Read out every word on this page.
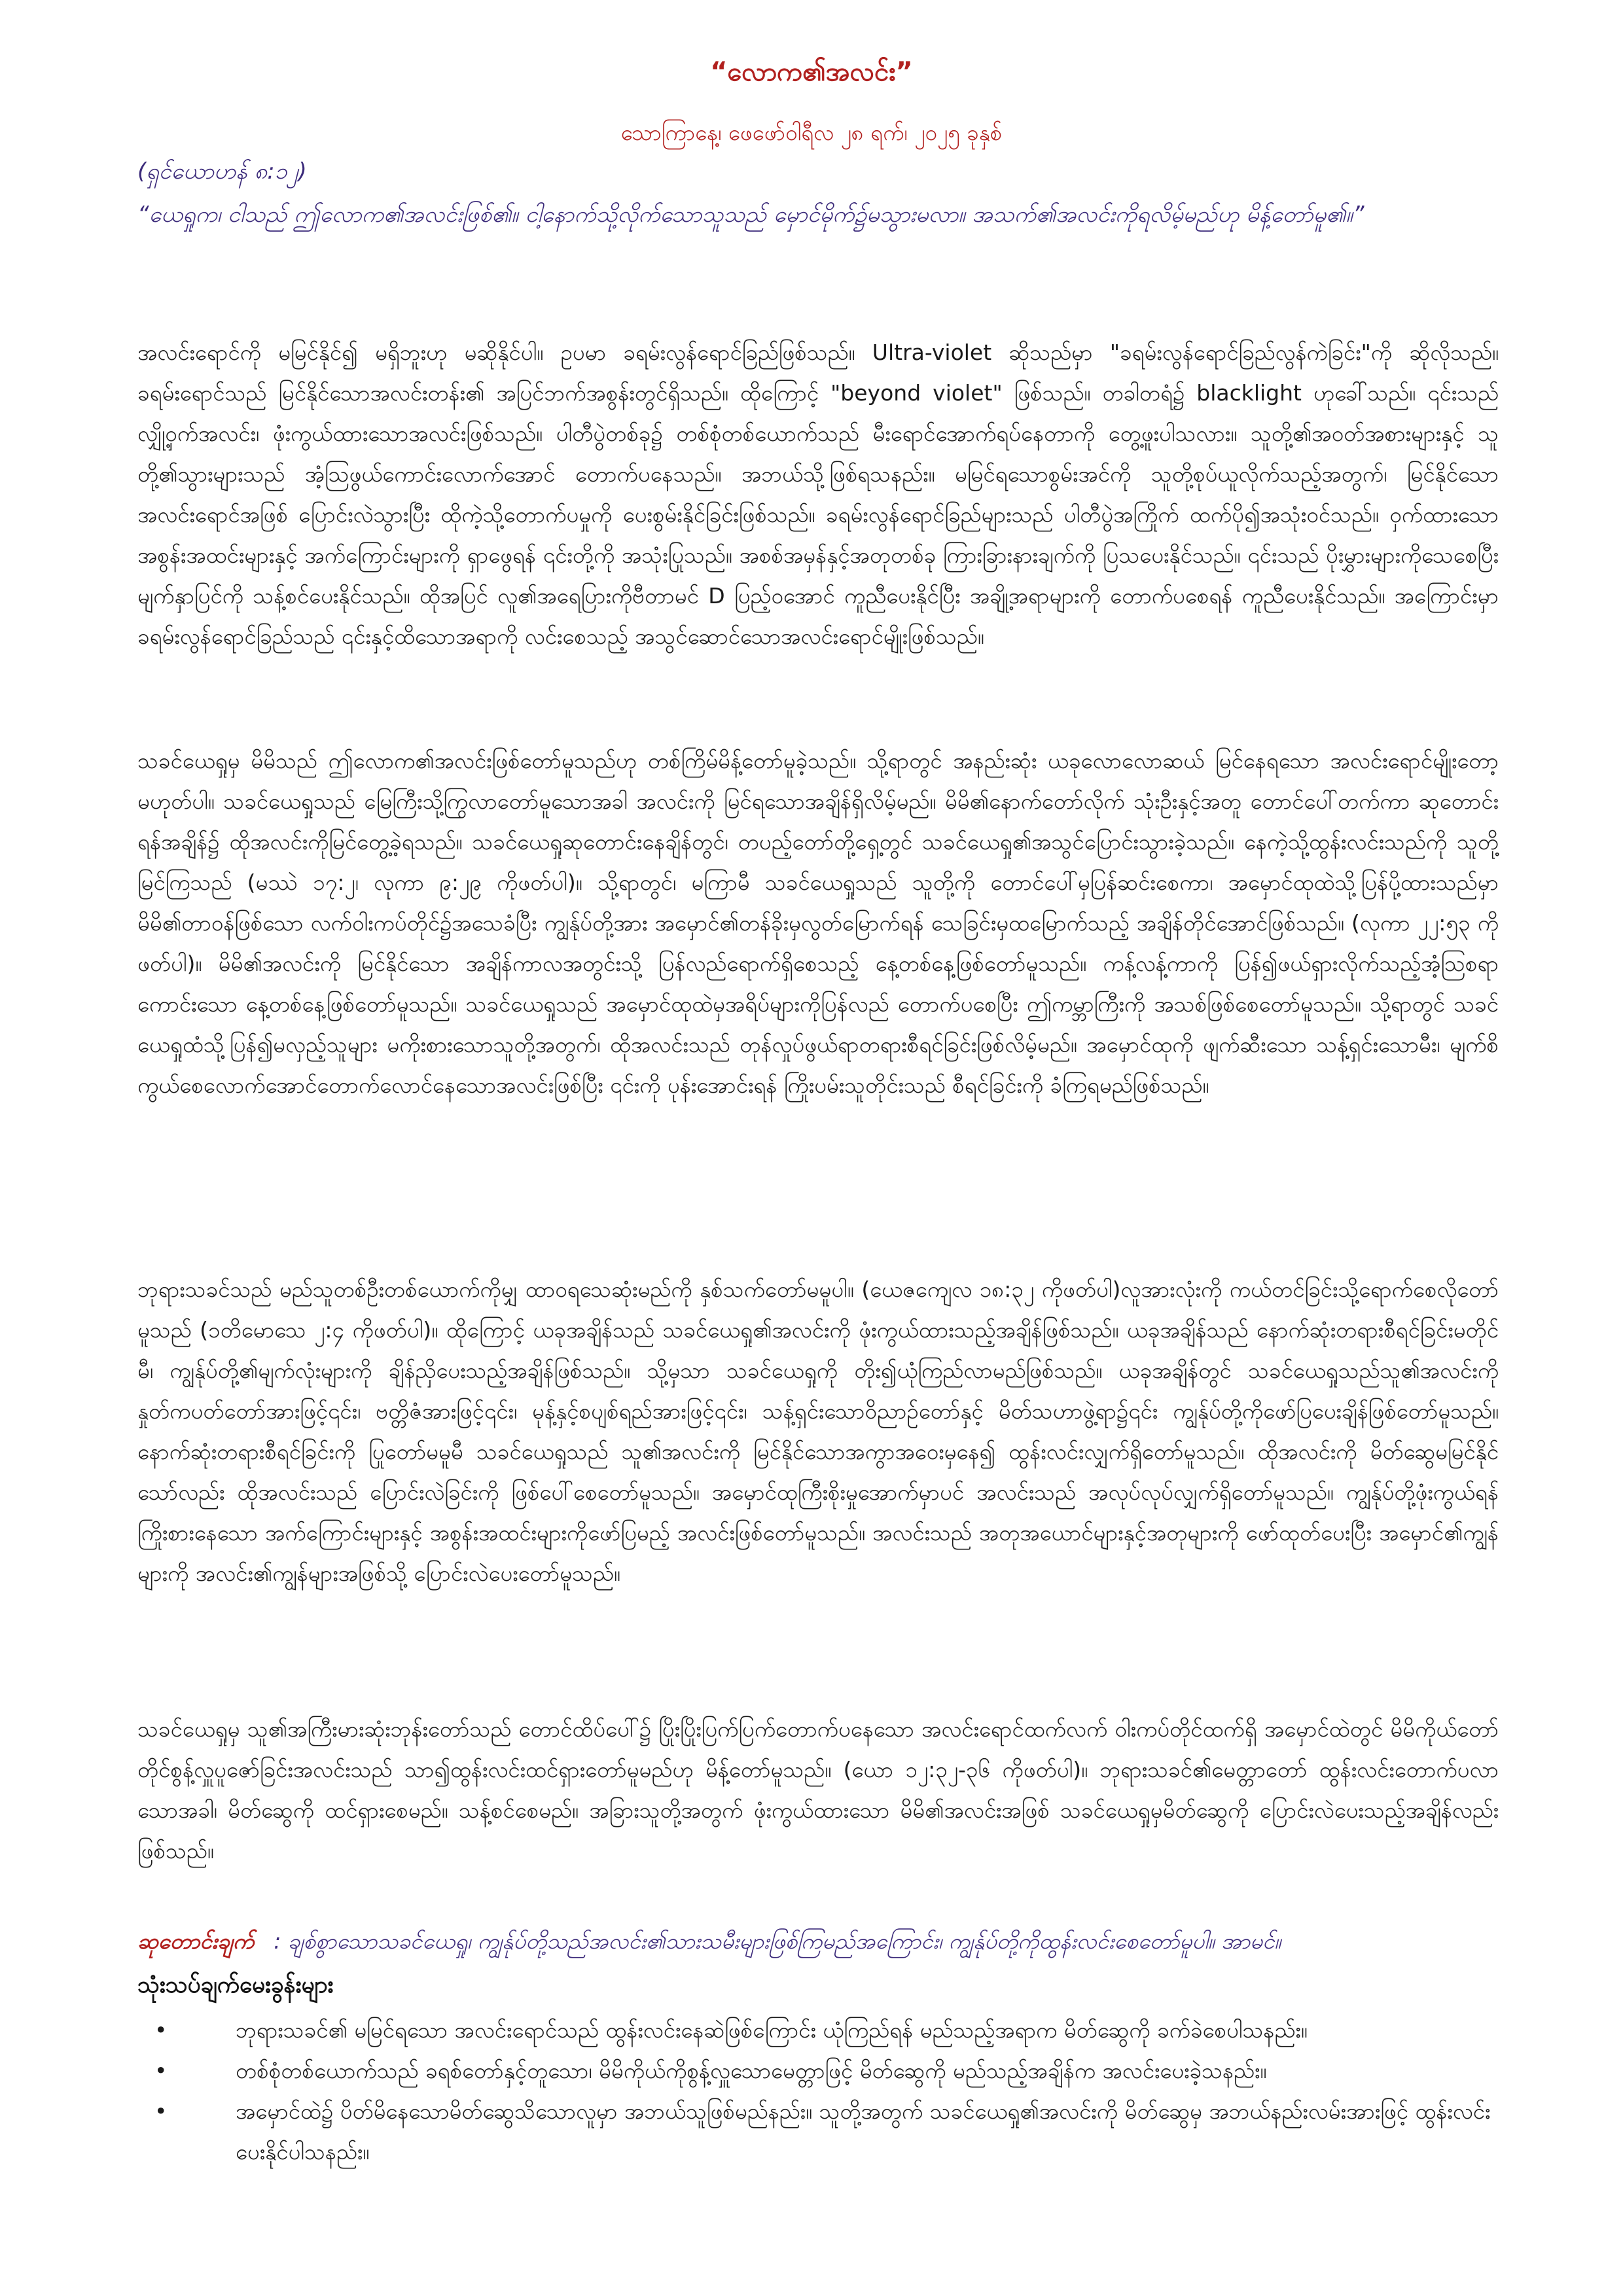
“လောက၏အလင်း”
သောကြာနေ့၊ ဖေဖော်ဝါရီလ ၂၈ ရက်၊ ၂၀၂၅ ခုနှစ်
(ရှင်ယောဟန် ၈:၁၂)
“ယေရှုက၊ ငါသည် ဤလောက၏အလင်းဖြစ်၏။ ငါ့နောက်သို့လိုက်သောသူသည် မှောင်မိုက်၌မသွားမလာ။ အသက်၏အလင်းကိုရလိမ့်မည်ဟု မိန့်တော်မူ၏။”
အလင်းရောင်ကို မမြင်နိုင်၍ မရှိဘူးဟု မဆိုနိုင်ပါ။ ဥပမာ ခရမ်းလွန်ရောင်ခြည်ဖြစ်သည်။ Ultra-violet ဆိုသည်မှာ "ခရမ်းလွန်ရောင်ခြည်လွန်ကဲခြင်း"ကို ဆိုလိုသည်။ ခရမ်းရောင်သည် မြင်နိုင်သောအလင်းတန်း၏ အပြင်ဘက်အစွန်းတွင်ရှိသည်။ ထိုကြောင့် "beyond violet" ဖြစ်သည်။ တခါတရံ၌ blacklight ဟုခေါ်သည်။ ၎င်းသည် လျှို့ဝှက်အလင်း၊ ဖုံးကွယ်ထားသောအလင်းဖြစ်သည်။ ပါတီပွဲတစ်ခု၌ တစ်စုံတစ်ယောက်သည် မီးရောင်အောက်ရပ်နေတာကို တွေ့ဖူးပါသလား။ သူတို့၏အဝတ်အစားများနှင့် သူတို့၏သွားများသည် အံ့သြဖွယ်ကောင်းလောက်အောင် တောက်ပနေသည်။ အဘယ်သို့ဖြစ်ရသနည်း။ မမြင်ရသောစွမ်းအင်ကို သူတို့စုပ်ယူလိုက်သည့်အတွက်၊ မြင်နိုင်သောအလင်းရောင်အဖြစ် ပြောင်းလဲသွားပြီး ထိုကဲ့သို့တောက်ပမှုကို ပေးစွမ်းနိုင်ခြင်းဖြစ်သည်။ ခရမ်းလွန်ရောင်ခြည်များသည် ပါတီပွဲအကြိုက် ထက်ပို၍အသုံးဝင်သည်။ ဝှက်ထားသောအစွန်းအထင်းများနှင့် အက်ကြောင်းများကို ရှာဖွေရန် ၎င်းတို့ကို အသုံးပြုသည်။ အစစ်အမှန်နှင့်အတုတစ်ခု ကြားခြားနားချက်ကို ပြသပေးနိုင်သည်။ ၎င်းသည် ပိုးမွှားများကိုသေစေပြီး မျက်နှာပြင်ကို သန့်စင်ပေးနိုင်သည်။ ထိုအပြင် လူ၏အရေပြားကိုဗီတာမင် D ပြည့်ဝအောင် ကူညီပေးနိုင်ပြီး အချို့အရာများကို တောက်ပစေရန် ကူညီပေးနိုင်သည်။ အကြောင်းမှာ ခရမ်းလွန်ရောင်ခြည်သည် ၎င်းနှင့်ထိသောအရာကို လင်းစေသည့် အသွင်ဆောင်သောအလင်းရောင်မျိုးဖြစ်သည်။
သခင်ယေရှုမှ မိမိသည် ဤလောက၏အလင်းဖြစ်တော်မူသည်ဟု တစ်ကြိမ်မိန့်တော်မူခဲ့သည်။ သို့ရာတွင် အနည်းဆုံး ယခုလောလောဆယ် မြင်နေရသော အလင်းရောင်မျိုးတော့ မဟုတ်ပါ။ သခင်ယေရှုသည် မြေကြီးသို့ကြွလာတော်မူသောအခါ အလင်းကို မြင်ရသောအချိန်ရှိလိမ့်မည်။ မိမိ၏နောက်တော်လိုက် သုံးဦးနှင့်အတူ တောင်ပေါ်တက်ကာ ဆုတောင်းရန်အချိန်၌ ထိုအလင်းကိုမြင်တွေ့ခဲ့ရသည်။ သခင်ယေရှုဆုတောင်းနေချိန်တွင်၊ တပည့်တော်တို့ရှေ့တွင် သခင်ယေရှု၏အသွင်ပြောင်းသွားခဲ့သည်။ နေကဲ့သို့ထွန်းလင်းသည်ကို သူတို့မြင်ကြသည် (မဿဲ ၁၇:၂၊ လုကာ ၉:၂၉ ကိုဖတ်ပါ)။ သို့ရာတွင်၊ မကြာမီ သခင်ယေရှုသည် သူတို့ကို တောင်ပေါ်မှပြန်ဆင်းစေကာ၊ အမှောင်ထုထဲသို့ပြန်ပို့ထားသည်မှာ မိမိ၏တာဝန်ဖြစ်သော လက်ဝါးကပ်တိုင်၌အသေခံပြီး ကျွန်ုပ်တို့အား အမှောင်၏တန်ခိုးမှလွတ်မြောက်ရန် သေခြင်းမှထမြောက်သည့် အချိန်တိုင်အောင်ဖြစ်သည်။ (လုကာ ၂၂:၅၃ ကိုဖတ်ပါ)။ မိမိ၏အလင်းကို မြင်နိုင်သော အချိန်ကာလအတွင်းသို့ ပြန်လည်ရောက်ရှိစေသည့် နေ့တစ်နေ့ဖြစ်တော်မူသည်။ ကန့်လန့်ကာကို ပြန်၍ဖယ်ရှားလိုက်သည့်အံ့သြစရာကောင်းသော နေ့တစ်နေ့ဖြစ်တော်မူသည်။ သခင်ယေရှုသည် အမှောင်ထုထဲမှအရိပ်များကိုပြန်လည် တောက်ပစေပြီး ဤကမ္ဘာကြီးကို အသစ်ဖြစ်စေတော်မူသည်။ သို့ရာတွင် သခင်ယေရှုထံသို့ပြန်၍မလှည့်သူများ မကိုးစားသောသူတို့အတွက်၊ ထိုအလင်းသည် တုန်လှုပ်ဖွယ်ရာတရားစီရင်ခြင်းဖြစ်လိမ့်မည်။ အမှောင်ထုကို ဖျက်ဆီးသော သန့်ရှင်းသောမီး၊ မျက်စိကွယ်စေလောက်အောင်တောက်လောင်နေသောအလင်းဖြစ်ပြီး ၎င်းကို ပုန်းအောင်းရန် ကြိုးပမ်းသူတိုင်းသည် စီရင်ခြင်းကို ခံကြရမည်ဖြစ်သည်။
ဘုရားသခင်သည် မည်သူတစ်ဦးတစ်ယောက်ကိုမျှ ထာဝရသေဆုံးမည်ကို နှစ်သက်တော်မမူပါ။ (ယေဇကျေလ ၁၈:၃၂ ကိုဖတ်ပါ)လူအားလုံးကို ကယ်တင်ခြင်းသို့ရောက်စေလိုတော်မူသည် (၁တိမောသေ ၂:၄ ကိုဖတ်ပါ)။ ထိုကြောင့် ယခုအချိန်သည် သခင်ယေရှု၏အလင်းကို ဖုံးကွယ်ထားသည့်အချိန်ဖြစ်သည်။ ယခုအချိန်သည် နောက်ဆုံးတရားစီရင်ခြင်းမတိုင်မီ၊ ကျွန်ုပ်တို့၏မျက်လုံးများကို ချိန်ညှိပေးသည့်အချိန်ဖြစ်သည်။ သို့မှသာ သခင်ယေရှုကို တိုး၍ယုံကြည်လာမည်ဖြစ်သည်။ ယခုအချိန်တွင် သခင်ယေရှုသည်သူ၏အလင်းကို နှုတ်ကပတ်တော်အားဖြင့်၎င်း၊ ဗတ္တိဇံအားဖြင့်၎င်း၊ မုန့်နှင့်စပျစ်ရည်အားဖြင့်၎င်း၊ သန့်ရှင်းသောဝိညာဉ်တော်နှင့် မိတ်သဟာဖွဲ့ရာ၌၎င်း ကျွန်ုပ်တို့ကိုဖော်ပြပေးချိန်ဖြစ်တော်မူသည်။ နောက်ဆုံးတရားစီရင်ခြင်းကို ပြုတော်မမူမီ သခင်ယေရှုသည် သူ၏အလင်းကို မြင်နိုင်သောအကွာအဝေးမှနေ၍ ထွန်းလင်းလျှက်ရှိတော်မူသည်။ ထိုအလင်းကို မိတ်ဆွေမမြင်နိုင်သော်လည်း ထိုအလင်းသည် ပြောင်းလဲခြင်းကို ဖြစ်ပေါ်စေတော်မူသည်။ အမှောင်ထုကြီးစိုးမှုအောက်မှာပင် အလင်းသည် အလုပ်လုပ်လျှက်ရှိတော်မူသည်။ ကျွန်ုပ်တို့ဖုံးကွယ်ရန် ကြိုးစားနေသော အက်ကြောင်းများနှင့် အစွန်းအထင်းများကိုဖော်ပြမည့် အလင်းဖြစ်တော်မူသည်။ အလင်းသည် အတုအယောင်များနှင့်အတုများကို ဖော်ထုတ်ပေးပြီး အမှောင်၏ကျွန်များကို အလင်း၏ကျွန်များအဖြစ်သို့ ပြောင်းလဲပေးတော်မူသည်။
သခင်ယေရှုမှ သူ၏အကြီးမားဆုံးဘုန်းတော်သည် တောင်ထိပ်ပေါ်၌ ပြိုးပြိုးပြက်ပြက်တောက်ပနေသော အလင်းရောင်ထက်လက် ဝါးကပ်တိုင်ထက်ရှိ အမှောင်ထဲတွင် မိမိကိုယ်တော်တိုင်စွန့်လှူပူဇော်ခြင်းအလင်းသည် သာ၍ထွန်းလင်းထင်ရှားတော်မူမည်ဟု မိန့်တော်မူသည်။ (ယော ၁၂:၃၂-၃၆ ကိုဖတ်ပါ)။ ဘုရားသခင်၏မေတ္တာတော် ထွန်းလင်းတောက်ပလာသောအခါ၊ မိတ်ဆွေကို ထင်ရှားစေမည်။ သန့်စင်စေမည်။ အခြားသူတို့အတွက် ဖုံးကွယ်ထားသော မိမိ၏အလင်းအဖြစ် သခင်ယေရှုမှမိတ်ဆွေကို ပြောင်းလဲပေးသည့်အချိန်လည်းဖြစ်သည်။
ဆုတောင်းချက် : ချစ်စွာသောသခင်ယေရှု၊ ကျွန်ုပ်တို့သည်အလင်း၏သားသမီးများဖြစ်ကြမည်အကြောင်း၊ ကျွန်ုပ်တို့ကိုထွန်းလင်းစေတော်မူပါ။ အာမင်။
သုံးသပ်ချက်မေးခွန်းများ
•	ဘုရားသခင်၏ မမြင်ရသော အလင်းရောင်သည် ထွန်းလင်းနေဆဲဖြစ်ကြောင်း ယုံကြည်ရန် မည်သည့်အရာက မိတ်ဆွေကို ခက်ခဲစေပါသနည်း။
•	တစ်စုံတစ်ယောက်သည် ခရစ်တော်နှင့်တူသော၊ မိမိကိုယ်ကိုစွန့်လှူသောမေတ္တာဖြင့် မိတ်ဆွေကို မည်သည့်အချိန်က အလင်းပေးခဲ့သနည်း။
•	အမှောင်ထဲ၌ ပိတ်မိနေသောမိတ်ဆွေသိသောလူမှာ အဘယ်သူဖြစ်မည်နည်း။ သူတို့အတွက် သခင်ယေရှု၏အလင်းကို မိတ်ဆွေမှ အဘယ်နည်းလမ်းအားဖြင့် ထွန်းလင်းပေးနိုင်ပါသနည်း။
